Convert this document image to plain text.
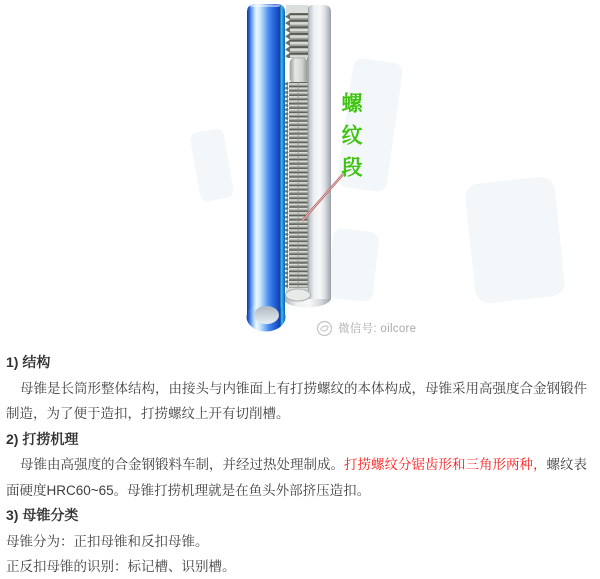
螺纹段
微信号: oilcore
1) 结构
母锥是长筒形整体结构，由接头与内锥面上有打捞螺纹的本体构成，母锥采用高强度合金钢锻件
制造，为了便于造扣，打捞螺纹上开有切削槽。
2) 打捞机理
母锥由高强度的合金钢锻料车制，并经过热处理制成。打捞螺纹分锯齿形和三角形两种，螺纹表
面硬度HRC60~65。母锥打捞机理就是在鱼头外部挤压造扣。
3) 母锥分类
母锥分为：正扣母锥和反扣母锥。
正反扣母锥的识别：标记槽、识别槽。
